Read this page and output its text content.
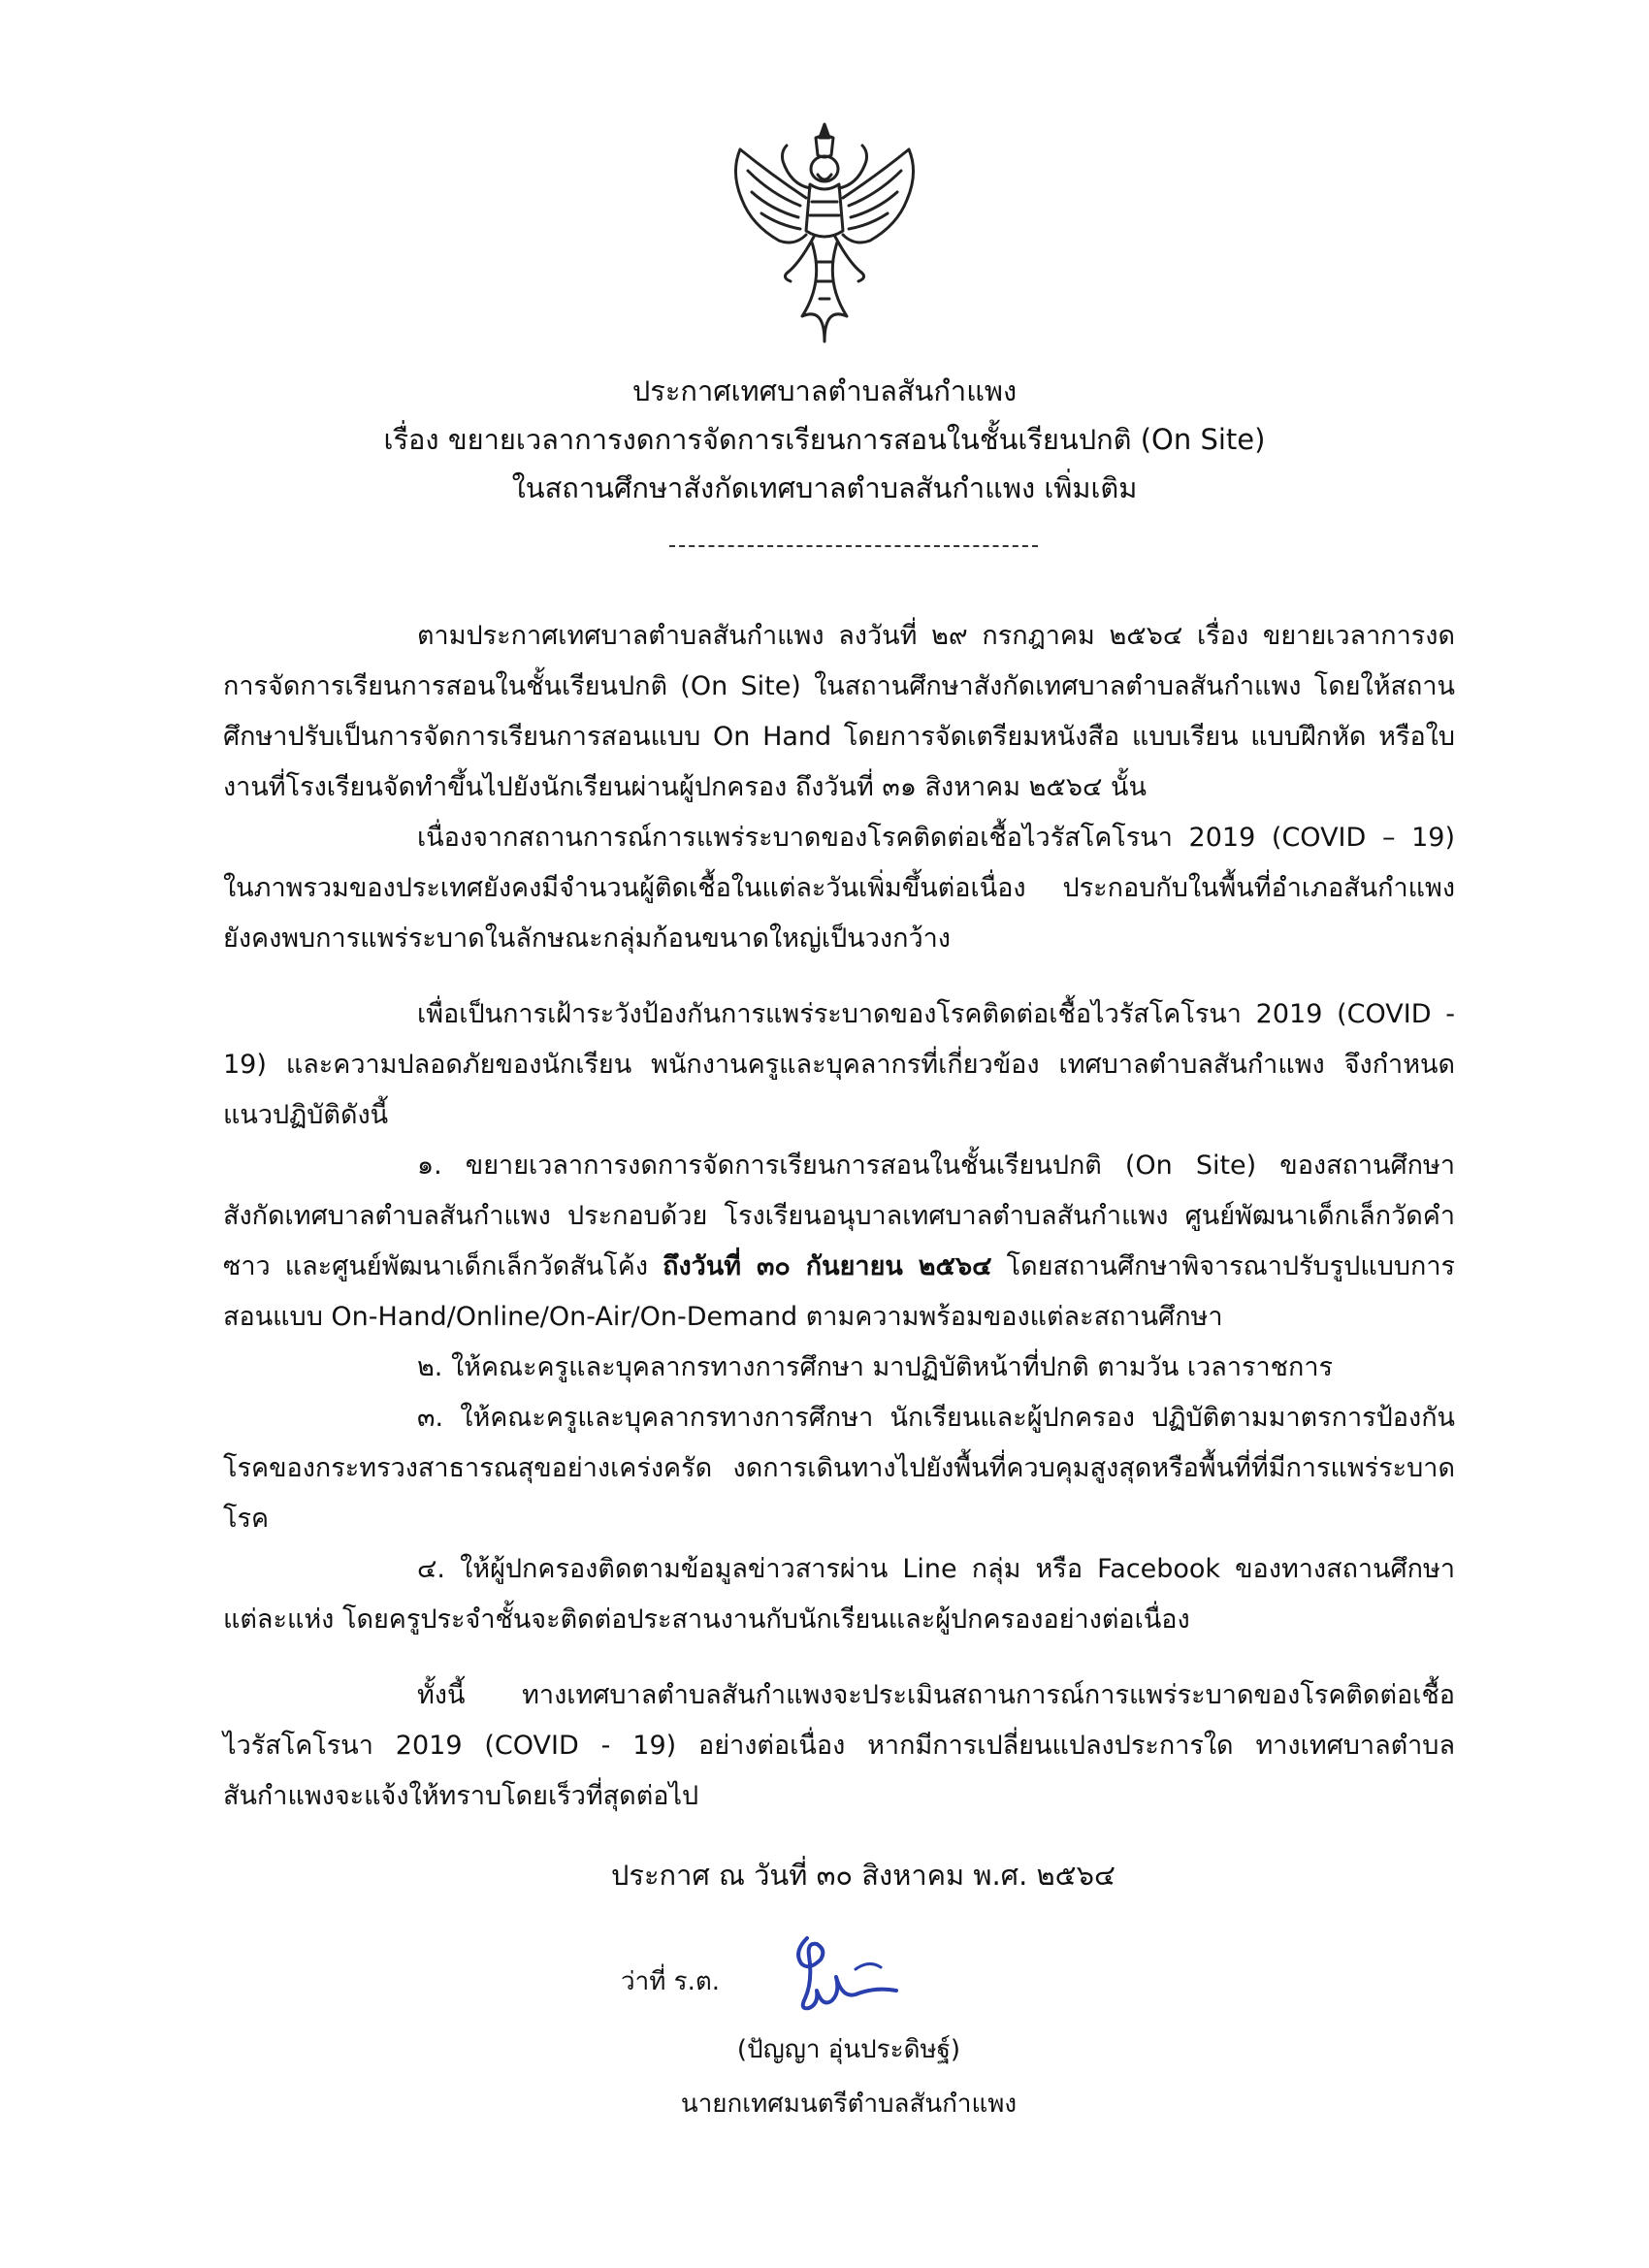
ประกาศเทศบาลตำบลสันกำแพง
เรื่อง ขยายเวลาการงดการจัดการเรียนการสอนในชั้นเรียนปกติ (On Site)
ในสถานศึกษาสังกัดเทศบาลตำบลสันกำแพง เพิ่มเติม

ตามประกาศเทศบาลตำบลสันกำแพง ลงวันที่ ๒๙ กรกฎาคม ๒๕๖๔ เรื่อง ขยายเวลาการงดการจัดการเรียนการสอนในชั้นเรียนปกติ (On Site) ในสถานศึกษาสังกัดเทศบาลตำบลสันกำแพง โดยให้สถานศึกษาปรับเป็นการจัดการเรียนการสอนแบบ On Hand โดยการจัดเตรียมหนังสือ แบบเรียน แบบฝึกหัด หรือใบงานที่โรงเรียนจัดทำขึ้นไปยังนักเรียนผ่านผู้ปกครอง ถึงวันที่ ๓๑ สิงหาคม ๒๕๖๔ นั้น

เนื่องจากสถานการณ์การแพร่ระบาดของโรคติดต่อเชื้อไวรัสโคโรนา 2019 (COVID – 19) ในภาพรวมของประเทศยังคงมีจำนวนผู้ติดเชื้อในแต่ละวันเพิ่มขึ้นต่อเนื่อง ประกอบกับในพื้นที่อำเภอสันกำแพง ยังคงพบการแพร่ระบาดในลักษณะกลุ่มก้อนขนาดใหญ่เป็นวงกว้าง

เพื่อเป็นการเฝ้าระวังป้องกันการแพร่ระบาดของโรคติดต่อเชื้อไวรัสโคโรนา 2019 (COVID - 19) และความปลอดภัยของนักเรียน พนักงานครูและบุคลากรที่เกี่ยวข้อง เทศบาลตำบลสันกำแพง จึงกำหนดแนวปฏิบัติดังนี้

๑. ขยายเวลาการงดการจัดการเรียนการสอนในชั้นเรียนปกติ (On Site) ของสถานศึกษาสังกัดเทศบาลตำบลสันกำแพง ประกอบด้วย โรงเรียนอนุบาลเทศบาลตำบลสันกำแพง ศูนย์พัฒนาเด็กเล็กวัดคำซาว และศูนย์พัฒนาเด็กเล็กวัดสันโค้ง ถึงวันที่ ๓๐ กันยายน ๒๕๖๔ โดยสถานศึกษาพิจารณาปรับรูปแบบการสอนแบบ On-Hand/Online/On-Air/On-Demand ตามความพร้อมของแต่ละสถานศึกษา

๒. ให้คณะครูและบุคลากรทางการศึกษา มาปฏิบัติหน้าที่ปกติ ตามวัน เวลาราชการ

๓. ให้คณะครูและบุคลากรทางการศึกษา นักเรียนและผู้ปกครอง ปฏิบัติตามมาตรการป้องกันโรคของกระทรวงสาธารณสุขอย่างเคร่งครัด งดการเดินทางไปยังพื้นที่ควบคุมสูงสุดหรือพื้นที่ที่มีการแพร่ระบาดโรค

๔. ให้ผู้ปกครองติดตามข้อมูลข่าวสารผ่าน Line กลุ่ม หรือ Facebook ของทางสถานศึกษาแต่ละแห่ง โดยครูประจำชั้นจะติดต่อประสานงานกับนักเรียนและผู้ปกครองอย่างต่อเนื่อง

ทั้งนี้ ทางเทศบาลตำบลสันกำแพงจะประเมินสถานการณ์การแพร่ระบาดของโรคติดต่อเชื้อไวรัสโคโรนา 2019 (COVID - 19) อย่างต่อเนื่อง หากมีการเปลี่ยนแปลงประการใด ทางเทศบาลตำบลสันกำแพงจะแจ้งให้ทราบโดยเร็วที่สุดต่อไป

ประกาศ ณ วันที่ ๓๐ สิงหาคม พ.ศ. ๒๕๖๔
ว่าที่ ร.ต.
(ปัญญา อุ่นประดิษฐ์)
นายกเทศมนตรีตำบลสันกำแพง
